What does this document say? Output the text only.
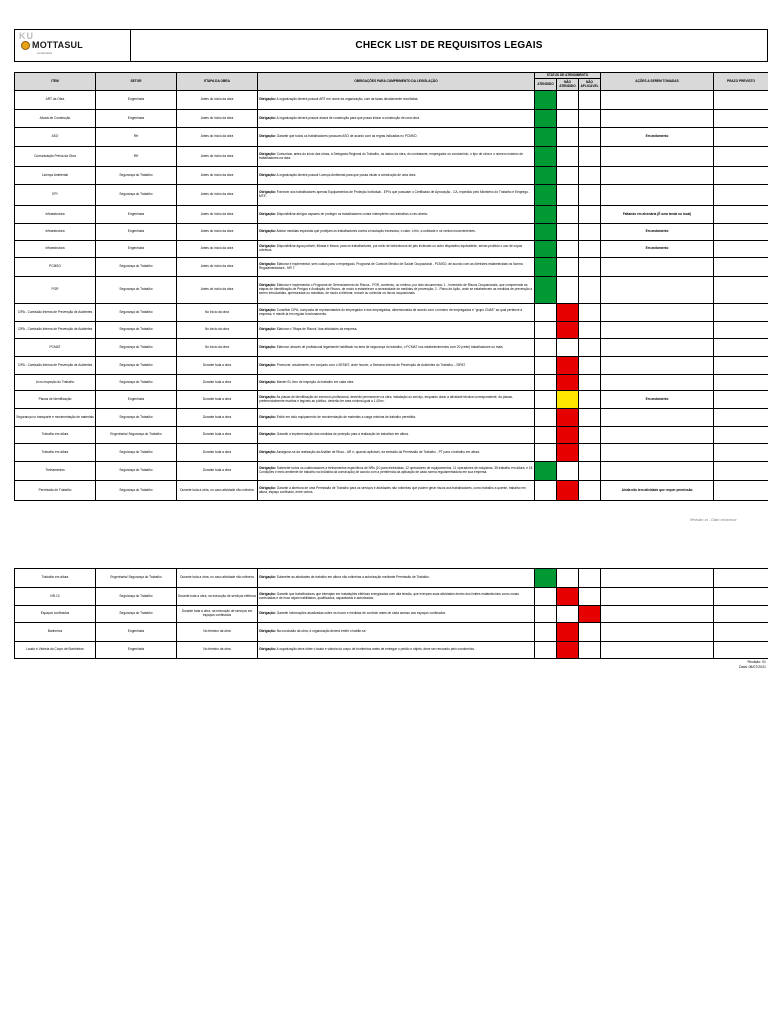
KU
MOTTASUL
construtora
CHECK LIST DE REQUISITOS LEGAIS
ITEM	SETOR	ETAPA DA OBRA	OBRIGAÇÕES PARA CUMPRIMENTO DA LEGISLAÇÃO	STATUS DE ATENDIMENTO			AÇÕES A SEREM TOMADAS	PRAZO PREVISTO
				ATENDIDO	NÃO ATENDIDO	NÃO APLICÁVEL		
ART da Obra	Engenharia	Antes do início da obra	Obrigação: A organização deverá possuir ART em nome da organização, com as taxas devidamente recolhidas.					
Alvará de Construção	Engenharia	Antes do início da obra	Obrigação: A organização deverá possuir alvará de construção para que possa iniciar a construção de uma obra.					
ASO	RH	Antes do início da obra	Obrigação: Garantir que todos os trabalhadores possuam ASO de acordo com as regras indicadas no PCMSO.				Em andamento	
Comunicação Prévia da Obra	RH	Antes do início da obra	Obrigação: Comunicar, antes do início das obras, à Delegacia Regional do Trabalho, os dados da obra, do contratante, empregador ou condomínio, o tipo de obra e o número máximo de trabalhadores na obra.					
Licença Ambiental	Segurança do Trabalho	Antes do início da obra	Obrigação: A organização deverá possuir Licença Ambiental para que possa iniciar a construção de uma obra.					
EPI	Segurança do Trabalho	Antes do início da obra	Obrigação: Fornecer aos trabalhadores apenas Equipamentos de Proteção Individual - EPI's que possuam o Certificado de Aprovação - CA, expedido pelo Ministério do Trabalho e Emprego - MTE.					
Infraestrutura	Engenharia	Antes do início da obra	Obrigação: Disponibilizar abrigos capazes de proteger os trabalhadores contra intempéries nos trabalhos a céu aberto.				Faltando em alvenária (É uma tenda no local)	
Infraestrutura	Engenharia	Antes do início da obra	Obrigação: Adotar medidas especiais que protejam os trabalhadores contra a insolação excessiva, o calor, o frio, a umidade e os ventos inconvenientes.				Em andamento	
Infraestrutura	Engenharia	Antes do início da obra	Obrigação: Disponibilizar água potável, filtrada e fresca, para os trabalhadores, por meio de bebedouros de jato inclinado ou outro dispositivo equivalente, sendo proibido o uso de copos coletivos.				Em andamento	
PCMSO	Segurança do Trabalho	Antes do início da obra	Obrigação: Elaborar e implementar, sem custos para o empregado, Programa de Controle Médico de Saúde Ocupacional - PCMSO, de acordo com as diretrizes estabelecidas na Norma Regulamentadora - NR 7.					
PGR	Segurança do Trabalho	Antes do início da obra	Obrigação: Elaborar e implementar o Programa de Gerenciamento de Riscos - PGR, contendo, no mínimo, por dois documentos: 1 - Inventário de Riscos Ocupacionais, que compreende as etapas de Identificação de Perigos e Avaliação de Riscos, de modo a estabelecer a necessidade de medidas de prevenção; 2 - Plano de Ação, onde se estabelecem as medidas de prevenção a serem introduzidas, aprimoradas ou mantidas, de modo a eliminar, reduzir ou controlar os riscos ocupacionais.					
CIPA - Comissão Interna de Prevenção de Acidentes	Segurança do Trabalho	No início da obra	Obrigação: Constituir CIPA, composta de representantes do empregador e dos empregados, dimensionada de acordo com o número de empregados e "grupo CNAE" ao qual pertence a empresa, e mantê-la em regular funcionamento.					
CIPA - Comissão Interna de Prevenção de Acidentes	Segurança do Trabalho	No início da obra	Obrigação: Elaborar o "Mapa de Riscos" das atividades da empresa.					
PCMAT	Segurança do Trabalho	No início da obra	Obrigação: Elaborar, através de profissional legalmente habilitado na área de segurança do trabalho, o PCMAT nos estabelecimentos com 20 (vinte) trabalhadores ou mais.					
CIPA - Comissão Interna de Prevenção de Acidentes	Segurança do Trabalho	Durante toda a obra	Obrigação: Promover, anualmente, em conjunto com o SESMT, onde houver, a Semana Interna de Prevenção de Acidentes do Trabalho – SIPAT.					
Livro Inspeção do Trabalho	Segurança do Trabalho	Durante toda a obra	Obrigação: Manter EL livro de inspeção do trabalho em cada obra.					
Placas de Identificação	Engenharia	Durante toda a obra	Obrigação: As placas de identificação do exercício profissional, deverão permanecer na obra, instalação ou serviço, enquanto durar a atividade técnica correspondente. As placas, preferencialmente escritas e legíveis ao público, deverão ter área mínima igual a 1,00m².				Em andamento	
Segurança no transporte e movimentação de materiais	Segurança do Trabalho	Durante toda a obra	Obrigação: Exibir em todo equipamento de movimentação de materiais a carga máxima de trabalho permitida.					
Trabalho em altura	Engenharia/ Segurança do Trabalho	Durante toda a obra	Obrigação: Garantir a implementação das medidas de proteção para a realização de trabalhos em altura.					
Trabalho em altura	Segurança do Trabalho	Durante toda a obra	Obrigação: Assegurar-se da realização da Análise de Risco - AR e, quando aplicável, da emissão da Permissão de Trabalho - PT para o trabalho em altura.					
Treinamentos	Segurança do Trabalho	Durante toda a obra	Obrigação: Submeter todos os colaboradores a treinamentos específicos de NRs (10 para eletricistas, 12 operadores de equipamentos, 11 operadores de máquinas, 35 trabalho em altura, e 18 Condições e meio ambiente de trabalho na indústria da construção) de acordo com a pertinência da aplicação de cada norma regulamentadora em sua empresa.					
Permissão de Trabalho	Segurança do Trabalho	Durante toda a obra, no caso atividade não rotineira	Obrigação: Garantir a abertura de uma Permissão de Trabalho para os serviços e atividades não rotineiras que podem gerar riscos aos trabalhadores, como trabalho a quente, trabalho em altura, espaço confinado, entre outros.				Ainda não tem atividade que requer permissão	
Revisão: xx - Data: xx/xx/xxxx
Trabalho em altura	Engenharia/ Segurança do Trabalho	Durante toda a obra, no caso atividade não rotineira	Obrigação: Submeter as atividades de trabalho em altura não rotineiras a autorização mediante Permissão de Trabalho.					
NR-10	Segurança do Trabalho	Durante toda a obra, na execução de serviços elétricos	Obrigação: Garantir que trabalhadores que interajam em instalações elétricas energizadas com alta tensão, que exerçam suas atividades dentro dos limites estabelecidos como zonas controladas e de risco sejam habilitados, qualificados, capacitados e autorizados.					
Espaços confinados	Segurança do Trabalho	Durante toda a obra, na execução de serviços em espaços confinados	Obrigação: Garantir informações atualizadas sobre os riscos e medidas de controle antes de cada acesso aos espaços confinados.					
Banheiros	Engenharia	No término da obra	Obrigação: Na conclusão da obra, a organização deverá emitir o habite-se.					
Laudo e Vistoria do Corpo de Bombeiros	Engenharia	No término da obra	Obrigação: A organização deve obter o laudo e vistoria do corpo de bombeiros antes de entregar o prédio e objeto, deve ser renovado pelo condomínio.					
Revisão: 01
Data: 08/07/2021
